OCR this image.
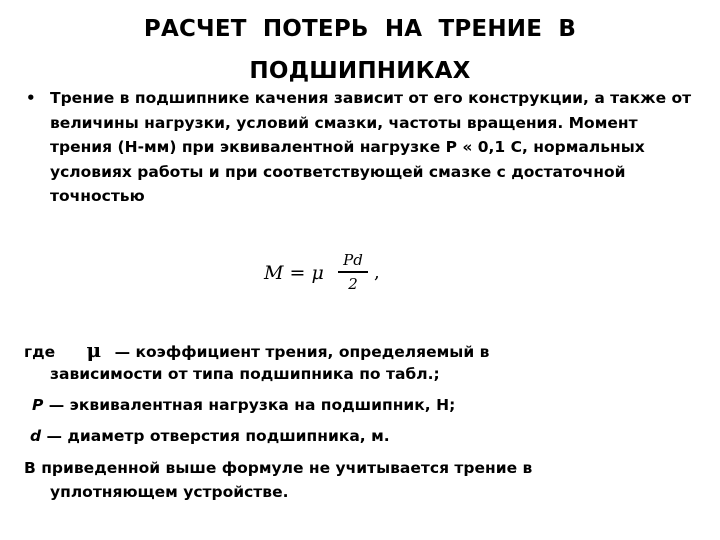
РАСЧЕТ ПОТЕРЬ НА ТРЕНИЕ В
ПОДШИПНИКАХ
• Трение в подшипнике качения зависит от его конструкции, а также от величины нагрузки, условий смазки, частоты вращения. Момент трения (Н-мм) при эквивалентной нагрузке Р « 0,1 С, нормальных условиях работы и при соответствующей смазке с достаточной точностью

M = μ
Pd
2
,
где μ — коэффициент трения, определяемый в
зависимости от типа подшипника по табл.;
Р — эквивалентная нагрузка на подшипник, Н;
d — диаметр отверстия подшипника, м.
В приведенной выше формуле не учитывается трение в
уплотняющем устройстве.
